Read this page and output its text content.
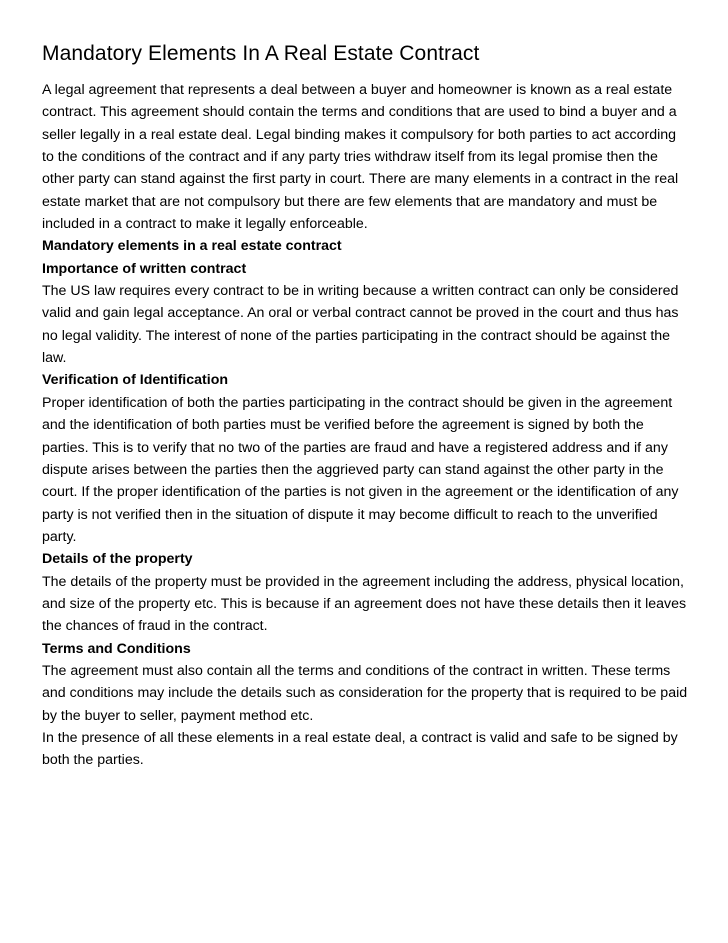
Mandatory Elements In A Real Estate Contract

A legal agreement that represents a deal between a buyer and homeowner is known as a real estate contract. This agreement should contain the terms and conditions that are used to bind a buyer and a seller legally in a real estate deal. Legal binding makes it compulsory for both parties to act according to the conditions of the contract and if any party tries withdraw itself from its legal promise then the other party can stand against the first party in court. There are many elements in a contract in the real estate market that are not compulsory but there are few elements that are mandatory and must be included in a contract to make it legally enforceable.

Mandatory elements in a real estate contract
Importance of written contract

The US law requires every contract to be in writing because a written contract can only be considered valid and gain legal acceptance. An oral or verbal contract cannot be proved in the court and thus has no legal validity. The interest of none of the parties participating in the contract should be against the law.

Verification of Identification

Proper identification of both the parties participating in the contract should be given in the agreement and the identification of both parties must be verified before the agreement is signed by both the parties. This is to verify that no two of the parties are fraud and have a registered address and if any dispute arises between the parties then the aggrieved party can stand against the other party in the court. If the proper identification of the parties is not given in the agreement or the identification of any party is not verified then in the situation of dispute it may become difficult to reach to the unverified party.

Details of the property

The details of the property must be provided in the agreement including the address, physical location, and size of the property etc. This is because if an agreement does not have these details then it leaves the chances of fraud in the contract.

Terms and Conditions

The agreement must also contain all the terms and conditions of the contract in written. These terms and conditions may include the details such as consideration for the property that is required to be paid by the buyer to seller, payment method etc.

In the presence of all these elements in a real estate deal, a contract is valid and safe to be signed by both the parties.
